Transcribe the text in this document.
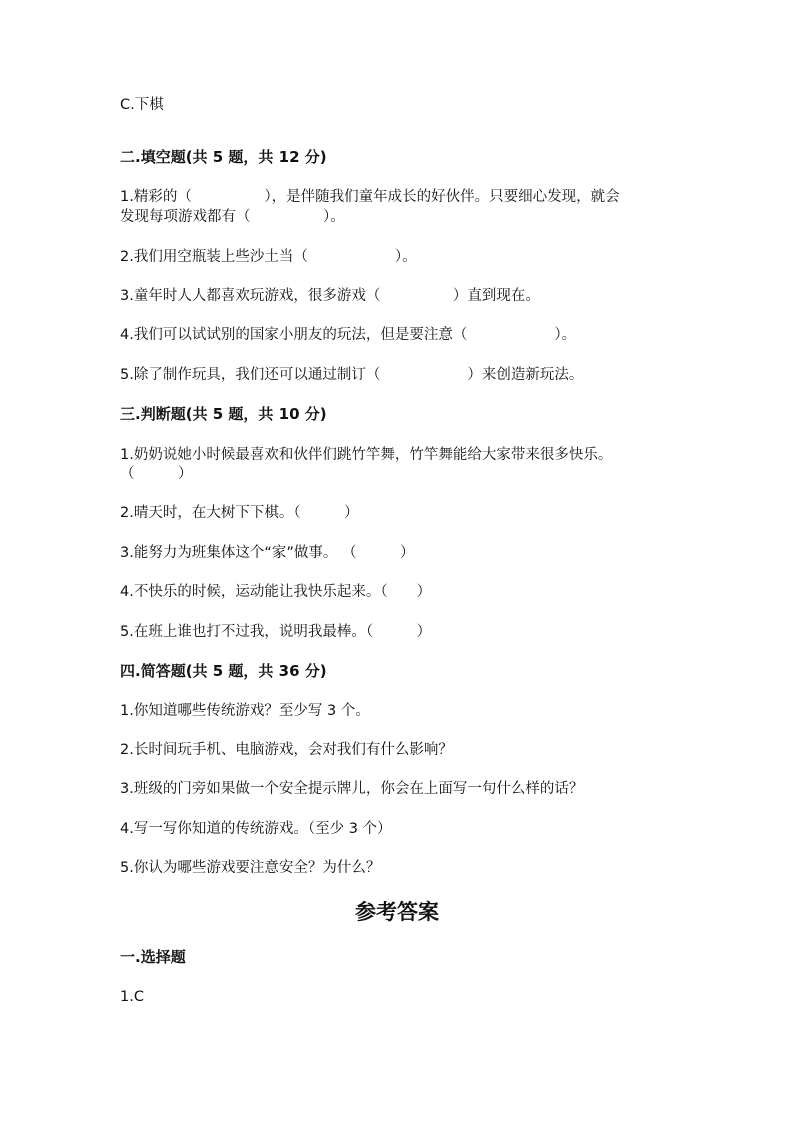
C.下棋
二.填空题(共 5 题，共 12 分)
1.精彩的（　　　　　），是伴随我们童年成长的好伙伴。只要细心发现，就会
发现每项游戏都有（　　　　　）。
2.我们用空瓶装上些沙土当（　　　　　　）。
3.童年时人人都喜欢玩游戏，很多游戏（　　　　　）直到现在。
4.我们可以试试别的国家小朋友的玩法，但是要注意（　　　　　　）。
5.除了制作玩具，我们还可以通过制订（　　　　　　）来创造新玩法。
三.判断题(共 5 题，共 10 分)
1.奶奶说她小时候最喜欢和伙伴们跳竹竿舞，竹竿舞能给大家带来很多快乐。
（　　　）
2.晴天时，在大树下下棋。（　　　）
3.能努力为班集体这个“家”做事。 （　　　）
4.不快乐的时候，运动能让我快乐起来。（　　）
5.在班上谁也打不过我，说明我最棒。（　　　）
四.简答题(共 5 题，共 36 分)
1.你知道哪些传统游戏？至少写 3 个。
2.长时间玩手机、电脑游戏，会对我们有什么影响？
3.班级的门旁如果做一个安全提示牌儿，你会在上面写一句什么样的话？
4.写一写你知道的传统游戏。（至少 3 个）
5.你认为哪些游戏要注意安全？为什么？
参考答案
一.选择题
1.C
